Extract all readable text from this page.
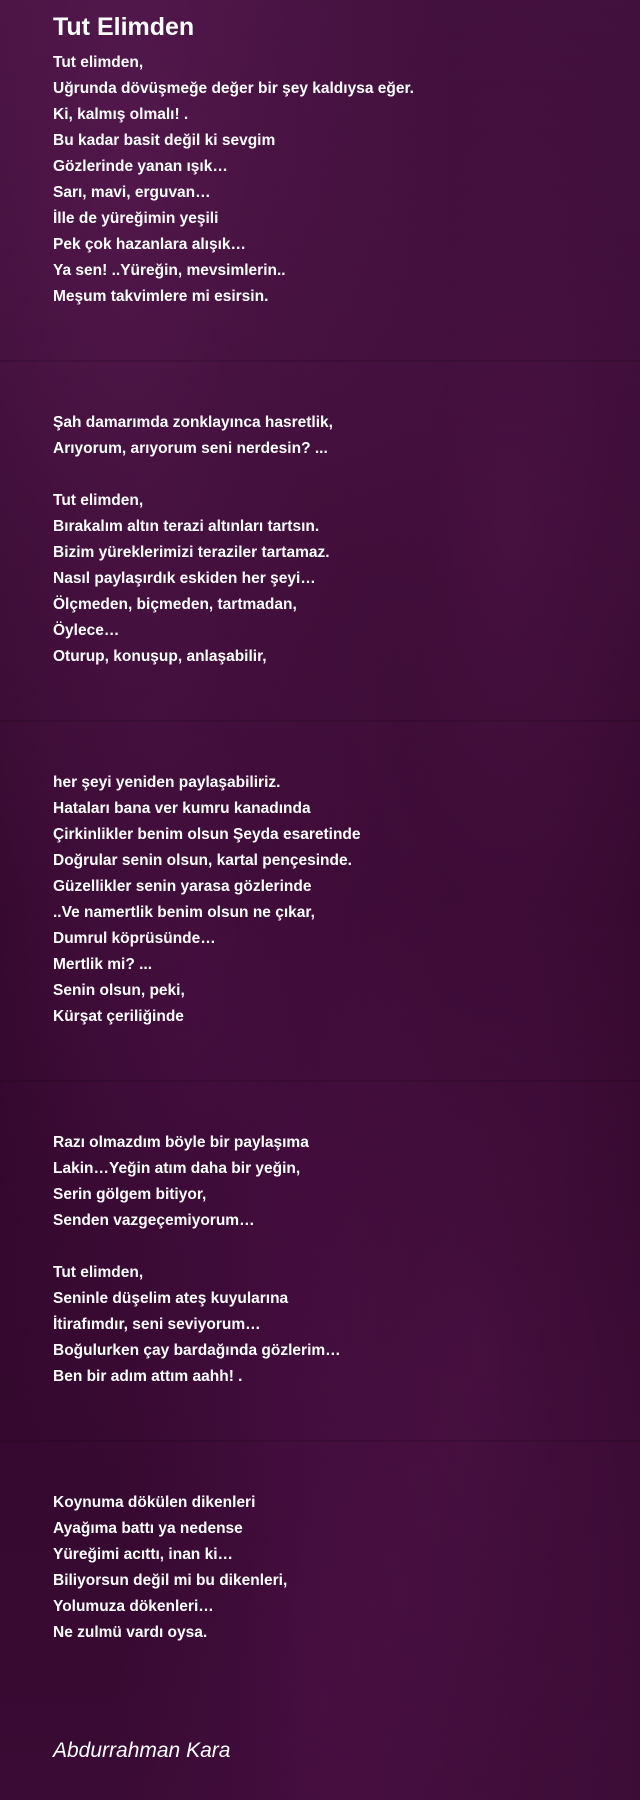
Tut Elimden
Tut elimden,
Uğrunda dövüşmeğe değer bir şey kaldıysa eğer.
Ki, kalmış olmalı! .
Bu kadar basit değil ki sevgim
Gözlerinde yanan ışık…
Sarı, mavi, erguvan…
İlle de yüreğimin yeşili
Pek çok hazanlara alışık…
Ya sen! ..Yüreğin, mevsimlerin..
Meşum takvimlere mi esirsin.
Şah damarımda zonklayınca hasretlik,
Arıyorum, arıyorum seni nerdesin? ...
Tut elimden,
Bırakalım altın terazi altınları tartsın.
Bizim yüreklerimizi teraziler tartamaz.
Nasıl paylaşırdık eskiden her şeyi…
Ölçmeden, biçmeden, tartmadan,
Öylece…
Oturup, konuşup, anlaşabilir,
her şeyi yeniden paylaşabiliriz.
Hataları bana ver kumru kanadında
Çirkinlikler benim olsun Şeyda esaretinde
Doğrular senin olsun, kartal pençesinde.
Güzellikler senin yarasa gözlerinde
..Ve namertlik benim olsun ne çıkar,
Dumrul köprüsünde…
Mertlik mi? ...
Senin olsun, peki,
Kürşat çeriliğinde
Razı olmazdım böyle bir paylaşıma
Lakin…Yeğin atım daha bir yeğin,
Serin gölgem bitiyor,
Senden vazgeçemiyorum…
Tut elimden,
Seninle düşelim ateş kuyularına
İtirafımdır, seni seviyorum…
Boğulurken çay bardağında gözlerim…
Ben bir adım attım aahh! .
Koynuma dökülen dikenleri
Ayağıma battı ya nedense
Yüreğimi acıttı, inan ki…
Biliyorsun değil mi bu dikenleri,
Yolumuza dökenleri…
Ne zulmü vardı oysa.
Abdurrahman Kara
